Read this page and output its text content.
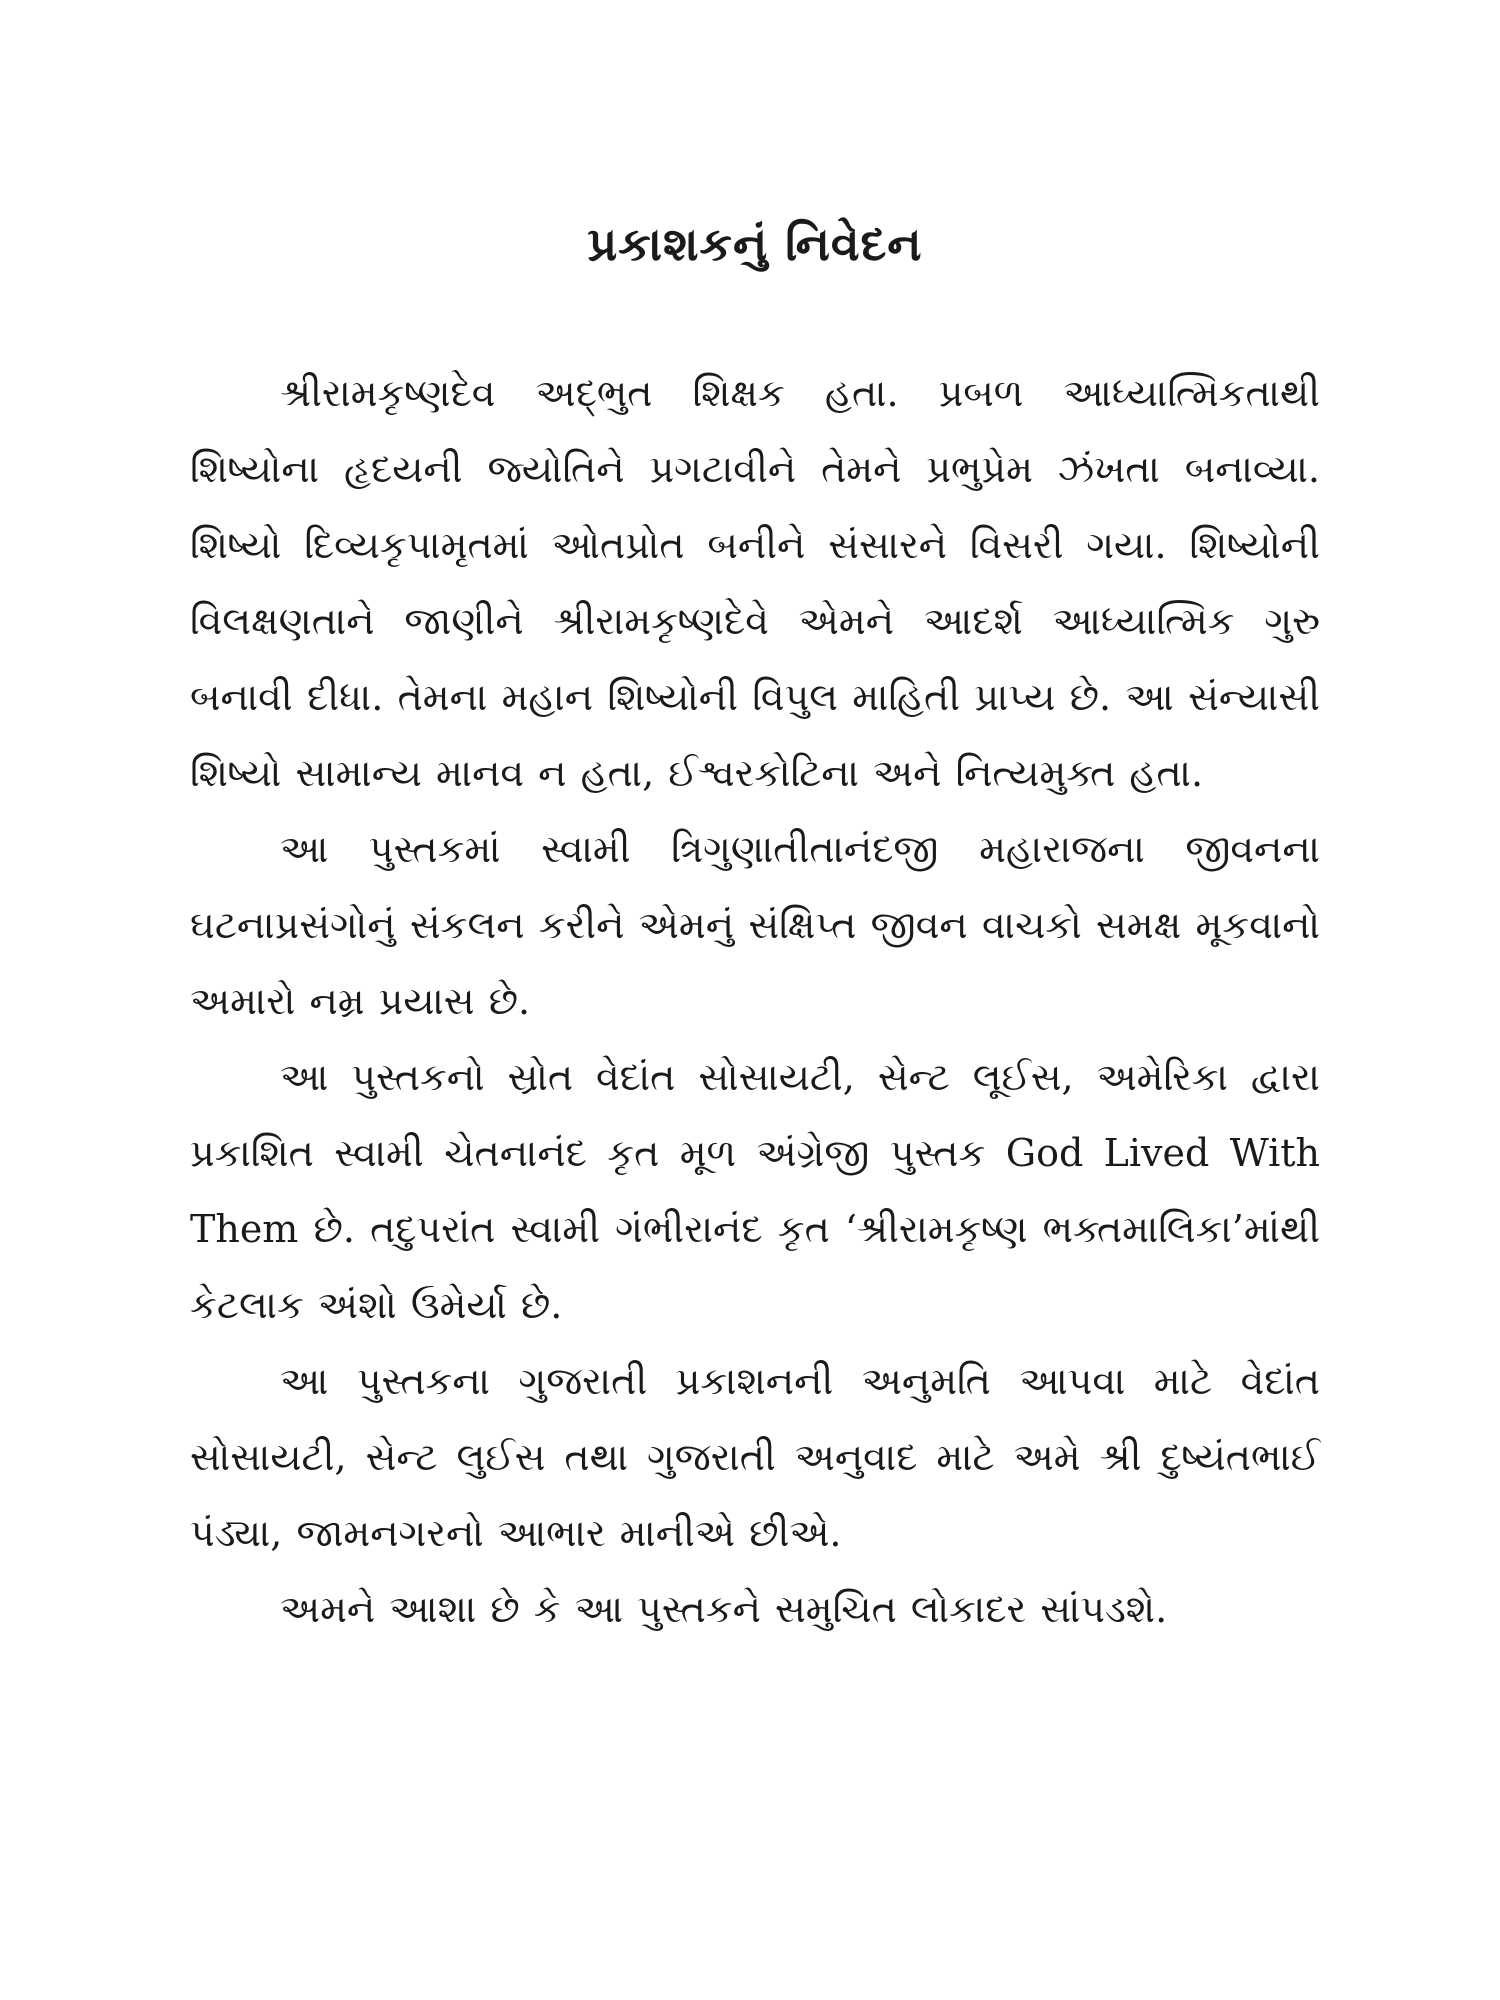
પ્રકાશકનું નિવેદન

શ્રીરામકૃષ્ણદેવ અદ્‌ભુત શિક્ષક હતા. પ્રબળ આધ્યાત્મિકતાથી શિષ્યોના હૃદયની જ્યોતિને પ્રગટાવીને તેમને પ્રભુપ્રેમ ઝંખતા બનાવ્યા. શિષ્યો દિવ્યકૃપામૃતમાં ઓતપ્રોત બનીને સંસારને વિસરી ગયા. શિષ્યોની વિલક્ષણતાને જાણીને શ્રીરામકૃષ્ણદેવે એમને આદર્શ આધ્યાત્મિક ગુરુ બનાવી દીધા. તેમના મહાન શિષ્યોની વિપુલ માહિતી પ્રાપ્ય છે. આ સંન્યાસી શિષ્યો સામાન્ય માનવ ન હતા, ઈશ્વરકોટિના અને નિત્યમુક્ત હતા.

આ પુસ્તકમાં સ્વામી ત્રિગુણાતીતાનંદજી મહારાજના જીવનના ઘટનાપ્રસંગોનું સંકલન કરીને એમનું સંક્ષિપ્ત જીવન વાચકો સમક્ષ મૂકવાનો અમારો નમ્ર પ્રયાસ છે.

આ પુસ્તકનો સ્રોત વેદાંત સોસાયટી, સેન્ટ લૂઈસ, અમેરિકા દ્વારા પ્રકાશિત સ્વામી ચેતનાનંદ કૃત મૂળ અંગ્રેજી પુસ્તક God Lived With Them છે. તદુપરાંત સ્વામી ગંભીરાનંદ કૃત ‘શ્રીરામકૃષ્ણ ભક્તમાલિકા’માંથી કેટલાક અંશો ઉમેર્યા છે.

આ પુસ્તકના ગુજરાતી પ્રકાશનની અનુમતિ આપવા માટે વેદાંત સોસાયટી, સેન્ટ લુઈસ તથા ગુજરાતી અનુવાદ માટે અમે શ્રી દુષ્યંતભાઈ પંડ્યા, જામનગરનો આભાર માનીએ છીએ.

અમને આશા છે કે આ પુસ્તકને સમુચિત લોકાદર સાંપડશે.
